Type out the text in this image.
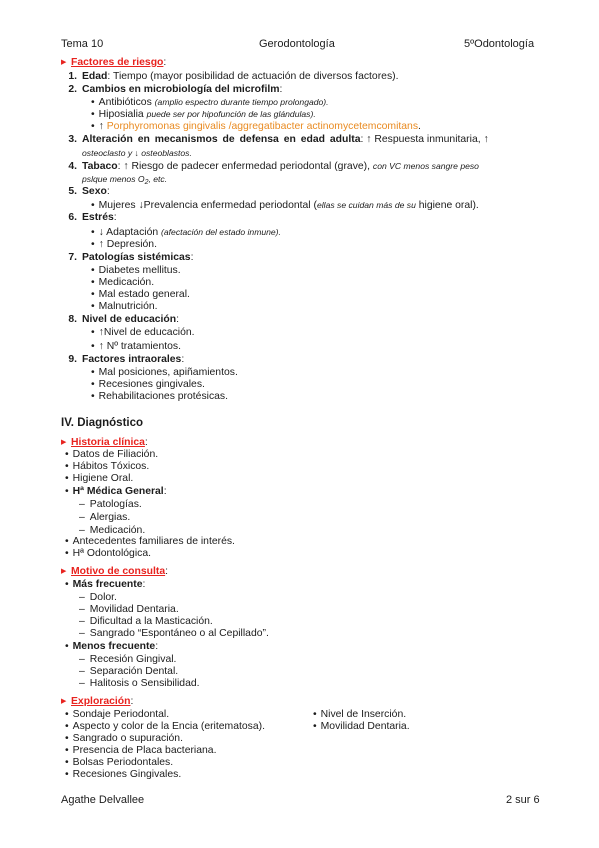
Tema 10	Gerodontología	5ºOdontología
▶ Factores de riesgo:
1. Edad: Tiempo (mayor posibilidad de actuación de diversos factores).
2. Cambios en microbiología del microfilm:
• Antibióticos (amplio espectro durante tiempo prolongado).
• Hiposialia puede ser por hipofunción de las glándulas).
• ↑ Porphyromonas gingivalis /aggregatibacter actinomycetemcomitans.
3. Alteración en mecanismos de defensa en edad adulta: ↑ Respuesta inmunitaria, ↑
osteoclasto y ↓ osteoblastos.
4. Tabaco: ↑ Riesgo de padecer enfermedad periodontal (grave), con VC menos sangre peso
pslque menos $O_2$, etc.
5. Sexo:
• Mujeres ↓Prevalencia enfermedad periodontal (ellas se cuidan más de su higiene oral).
6. Estrés:
• ↓ Adaptación (afectación del estado inmune).
• ↑ Depresión.
7. Patologías sistémicas:
• Diabetes mellitus.
• Medicación.
• Mal estado general.
• Malnutrición.
8. Nivel de educación:
• ↑Nivel de educación.
• ↑ Nº tratamientos.
9. Factores intraorales:
• Mal posiciones, apiñamientos.
• Recesiones gingivales.
• Rehabilitaciones protésicas.
IV. Diagnóstico
▶ Historia clínica:
• Datos de Filiación.
• Hábitos Tóxicos.
• Higiene Oral.
• Hª Médica General:
– Patologías.
– Alergias.
– Medicación.
• Antecedentes familiares de interés.
• Hª Odontológica.
▶ Motivo de consulta:
• Más frecuente:
– Dolor.
– Movilidad Dentaria.
– Dificultad a la Masticación.
– Sangrado “Espontáneo o al Cepillado”.
• Menos frecuente:
– Recesión Gingival.
– Separación Dental.
– Halitosis o Sensibilidad.
▶ Exploración:
• Sondaje Periodontal.
• Aspecto y color de la Encia (eritematosa).
• Sangrado o supuración.
• Presencia de Placa bacteriana.
• Bolsas Periodontales.
• Recesiones Gingivales.
• Nivel de Inserción.
• Movilidad Dentaria.
Agathe Delvallee	2 sur 6
